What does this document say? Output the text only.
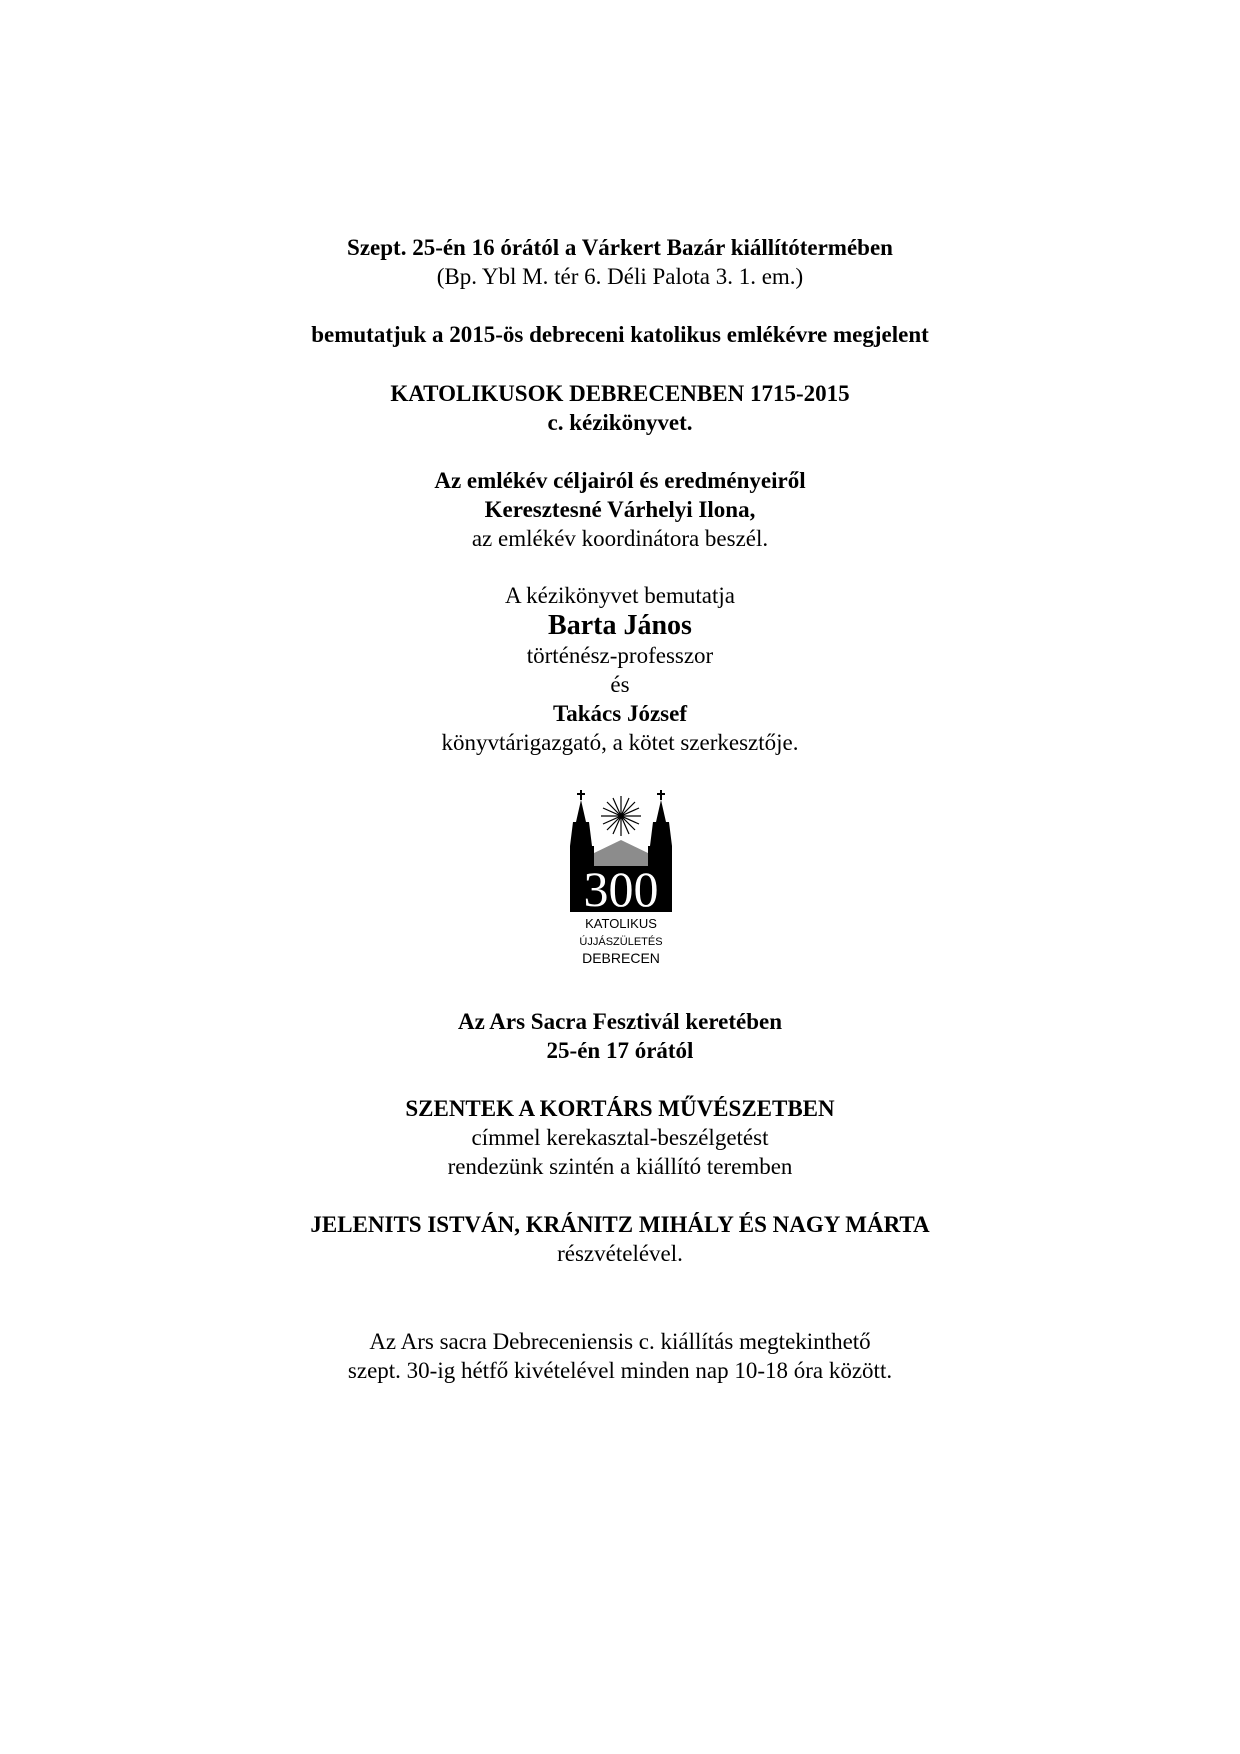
Szept. 25-én 16 órától a Várkert Bazár kiállítótermében
(Bp. Ybl M. tér 6. Déli Palota 3. 1. em.)
bemutatjuk a 2015-ös debreceni katolikus emlékévre megjelent
KATOLIKUSOK DEBRECENBEN 1715-2015
c. kézikönyvet.
Az emlékév céljairól és eredményeiről
Keresztesné Várhelyi Ilona,
az emlékév koordinátora beszél.
A kézikönyvet bemutatja
Barta János
történész-professzor
és
Takács József
könyvtárigazgató, a kötet szerkesztője.
300
KATOLIKUS
ÚJJÁSZÜLETÉS
DEBRECEN
Az Ars Sacra Fesztivál keretében
25-én 17 órától
SZENTEK A KORTÁRS MŰVÉSZETBEN
címmel kerekasztal-beszélgetést
rendezünk szintén a kiállító teremben
JELENITS ISTVÁN, KRÁNITZ MIHÁLY ÉS NAGY MÁRTA
részvételével.
Az Ars sacra Debreceniensis c. kiállítás megtekinthető
szept. 30-ig hétfő kivételével minden nap 10-18 óra között.
